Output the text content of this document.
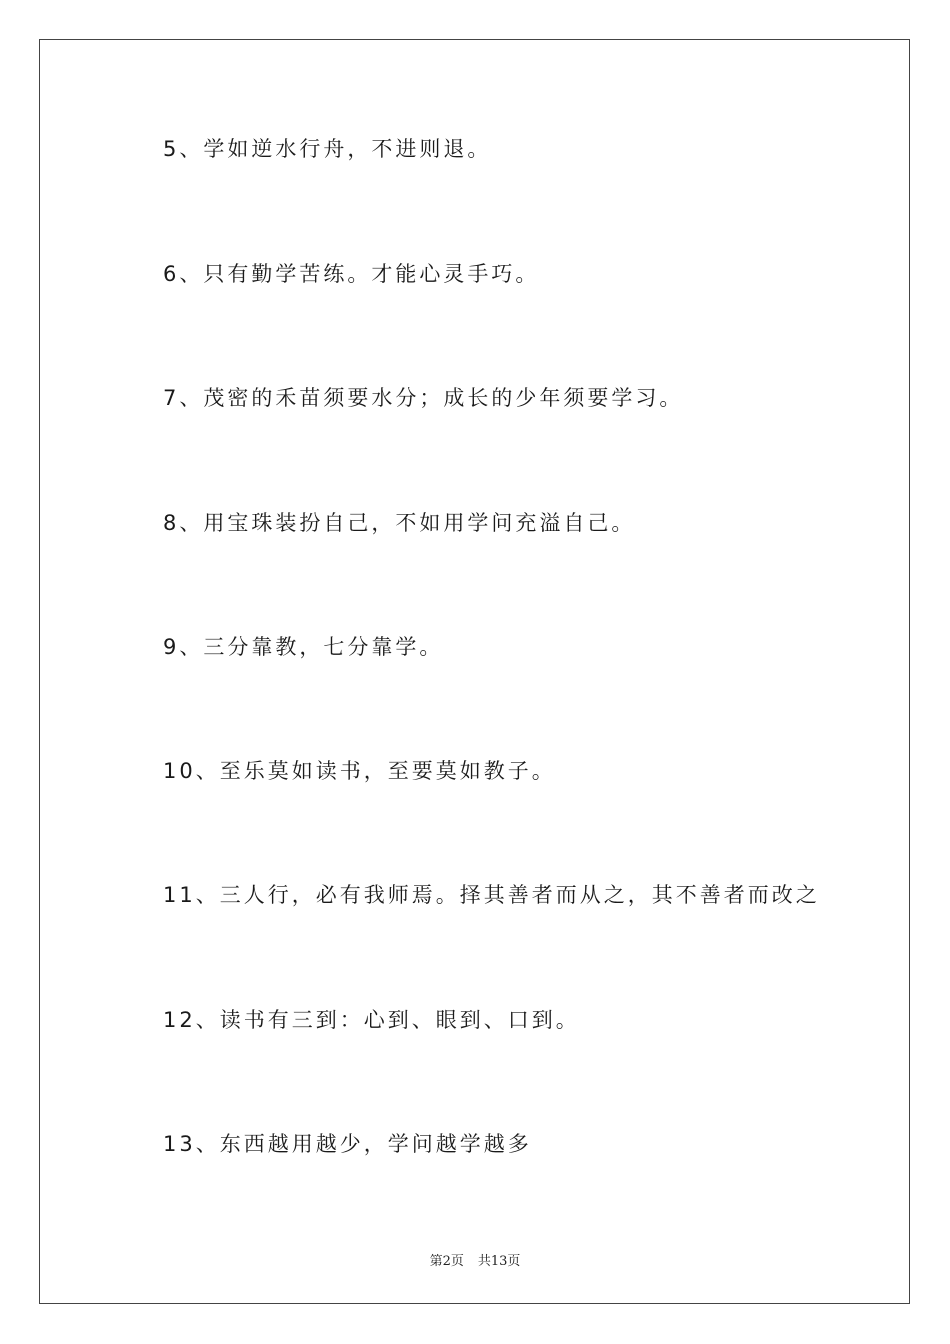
5、学如逆水行舟，不进则退。
6、只有勤学苦练。才能心灵手巧。
7、茂密的禾苗须要水分；成长的少年须要学习。
8、用宝珠装扮自己，不如用学问充溢自己。
9、三分靠教，七分靠学。
10、至乐莫如读书，至要莫如教子。
11、三人行，必有我师焉。择其善者而从之，其不善者而改之
12、读书有三到：心到、眼到、口到。
13、东西越用越少，学问越学越多
第2页 共13页
